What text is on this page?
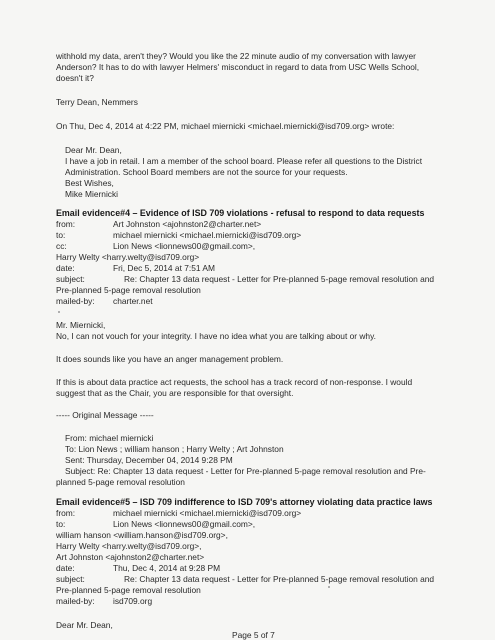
withhold my data, aren't they? Would you like the 22 minute audio of my conversation with lawyer
Anderson? It has to do with lawyer Helmers' misconduct in regard to data from USC Wells School,
doesn't it?
Terry Dean, Nemmers
On Thu, Dec 4, 2014 at 4:22 PM, michael miernicki <michael.miernicki@isd709.org> wrote:
Dear Mr. Dean,
I have a job in retail. I am a member of the school board. Please refer all questions to the District
Administration. School Board members are not the source for your requests.
Best Wishes,
Mike Miernicki
Email evidence#4 – Evidence of ISD 709 violations - refusal to respond to data requests
from:	Art Johnston <ajohnston2@charter.net>
to:	michael miernicki <michael.miernicki@isd709.org>
cc:	Lion News <lionnews00@gmail.com>,
Harry Welty <harry.welty@isd709.org>
date:	Fri, Dec 5, 2014 at 7:51 AM
subject:	Re: Chapter 13 data request - Letter for Pre-planned 5-page removal resolution and
Pre-planned 5-page removal resolution
mailed-by: charter.net
Mr. Miernicki,
No, I can not vouch for your integrity. I have no idea what you are talking about or why.
It does sounds like you have an anger management problem.
If this is about data practice act requests, the school has a track record of non-response. I would
suggest that as the Chair, you are responsible for that oversight.
----- Original Message -----
From: michael miernicki
To: Lion News ; william hanson ; Harry Welty ; Art Johnston
Sent: Thursday, December 04, 2014 9:28 PM
Subject: Re: Chapter 13 data request - Letter for Pre-planned 5-page removal resolution and Pre-
planned 5-page removal resolution
Email evidence#5 – ISD 709 indifference to ISD 709's attorney violating data practice laws
from:	michael miernicki <michael.miernicki@isd709.org>
to:	Lion News <lionnews00@gmail.com>,
william hanson <william.hanson@isd709.org>,
Harry Welty <harry.welty@isd709.org>,
Art Johnston <ajohnston2@charter.net>
date:	Thu, Dec 4, 2014 at 9:28 PM
subject:	Re: Chapter 13 data request - Letter for Pre-planned 5-page removal resolution and
Pre-planned 5-page removal resolution
mailed-by: isd709.org
Dear Mr. Dean,
Page 5 of 7
